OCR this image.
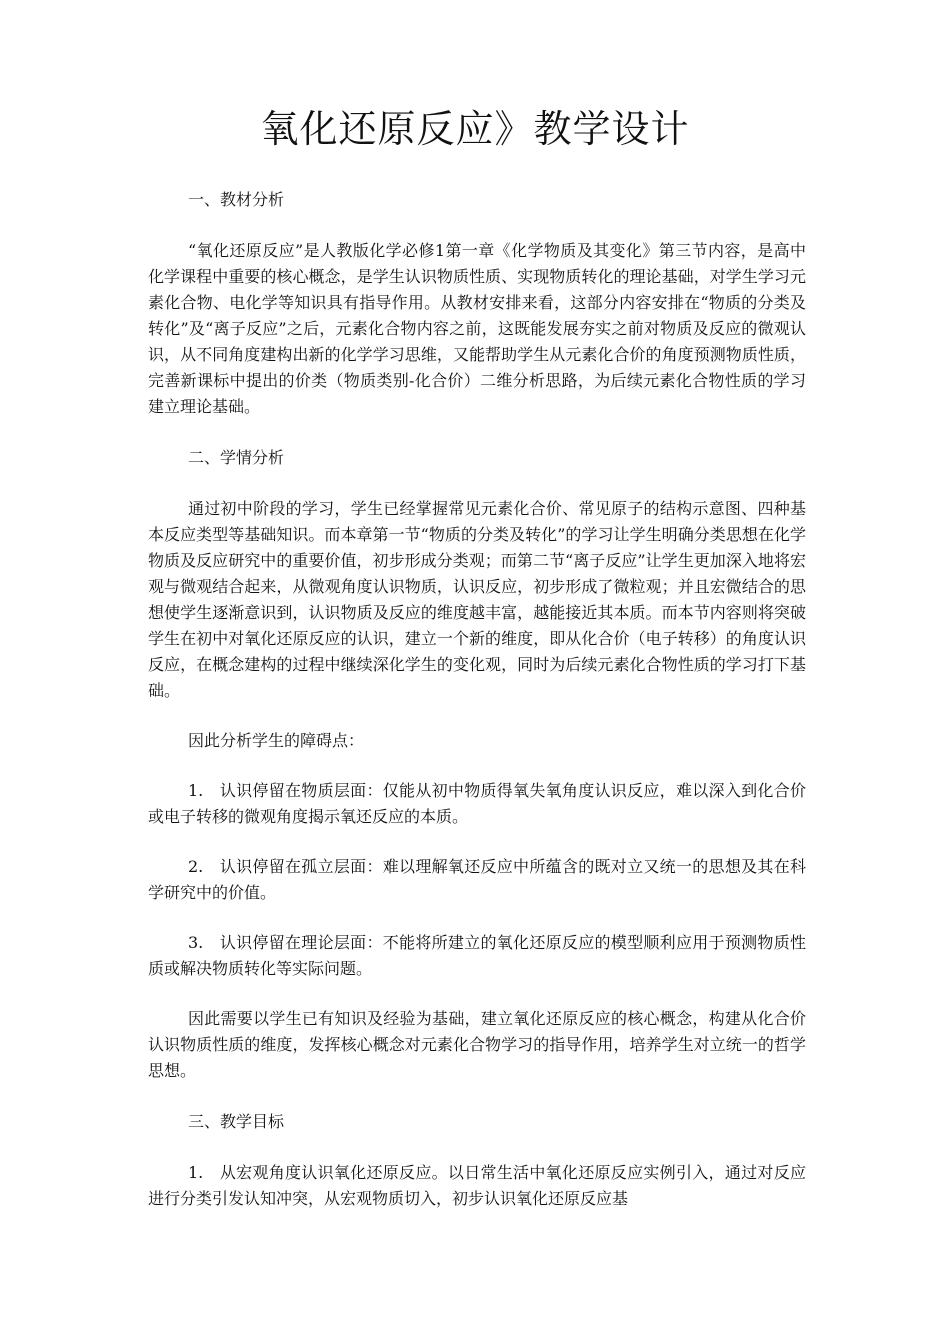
氧化还原反应》教学设计

一、教材分析

“氧化还原反应”是人教版化学必修1第一章《化学物质及其变化》第三节内容，是高中化学课程中重要的核心概念，是学生认识物质性质、实现物质转化的理论基础，对学生学习元素化合物、电化学等知识具有指导作用。从教材安排来看，这部分内容安排在“物质的分类及转化”及“离子反应”之后，元素化合物内容之前，这既能发展夯实之前对物质及反应的微观认识，从不同角度建构出新的化学学习思维，又能帮助学生从元素化合价的角度预测物质性质，完善新课标中提出的价类（物质类别-化合价）二维分析思路，为后续元素化合物性质的学习建立理论基础。

二、学情分析

通过初中阶段的学习，学生已经掌握常见元素化合价、常见原子的结构示意图、四种基本反应类型等基础知识。而本章第一节“物质的分类及转化”的学习让学生明确分类思想在化学物质及反应研究中的重要价值，初步形成分类观；而第二节“离子反应”让学生更加深入地将宏观与微观结合起来，从微观角度认识物质，认识反应，初步形成了微粒观；并且宏微结合的思想使学生逐渐意识到，认识物质及反应的维度越丰富，越能接近其本质。而本节内容则将突破学生在初中对氧化还原反应的认识，建立一个新的维度，即从化合价（电子转移）的角度认识反应，在概念建构的过程中继续深化学生的变化观，同时为后续元素化合物性质的学习打下基础。

因此分析学生的障碍点：

1.　认识停留在物质层面：仅能从初中物质得氧失氧角度认识反应，难以深入到化合价或电子转移的微观角度揭示氧还反应的本质。

2.　认识停留在孤立层面：难以理解氧还反应中所蕴含的既对立又统一的思想及其在科学研究中的价值。

3.　认识停留在理论层面：不能将所建立的氧化还原反应的模型顺利应用于预测物质性质或解决物质转化等实际问题。

因此需要以学生已有知识及经验为基础，建立氧化还原反应的核心概念，构建从化合价认识物质性质的维度，发挥核心概念对元素化合物学习的指导作用，培养学生对立统一的哲学思想。

三、教学目标

1.　从宏观角度认识氧化还原反应。以日常生活中氧化还原反应实例引入，通过对反应进行分类引发认知冲突，从宏观物质切入，初步认识氧化还原反应基
